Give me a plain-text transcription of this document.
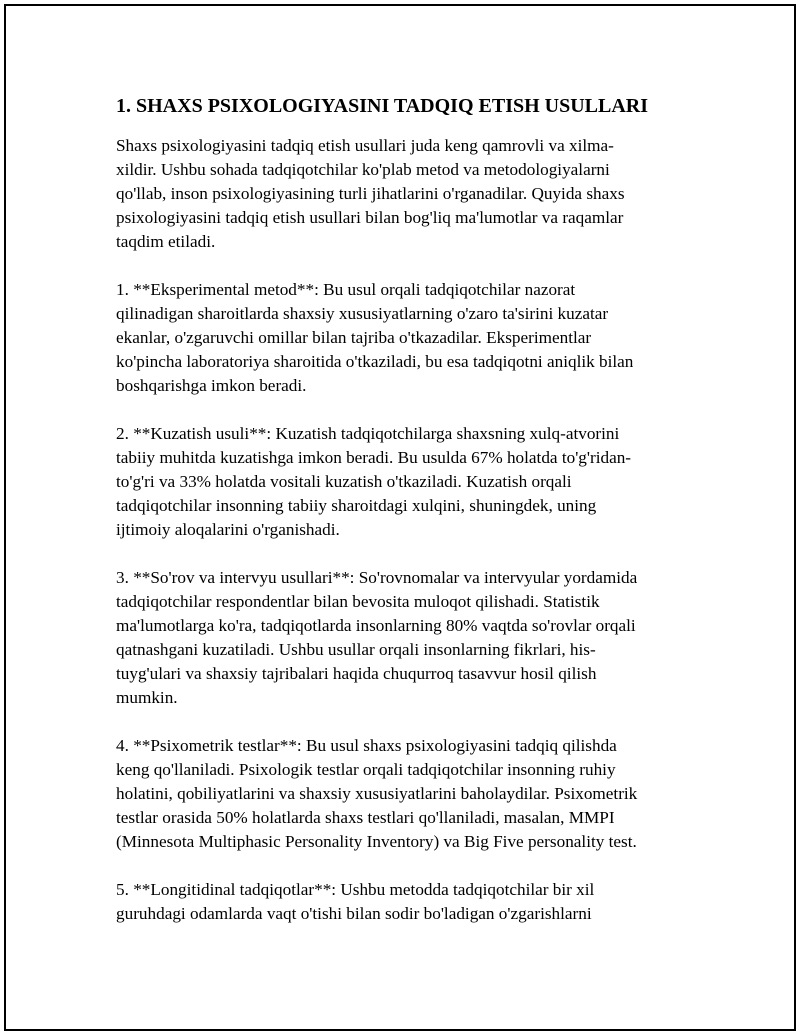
1. SHAXS PSIXOLOGIYASINI TADQIQ ETISH USULLARI

Shaxs psixologiyasini tadqiq etish usullari juda keng qamrovli va xilma-
xildir. Ushbu sohada tadqiqotchilar ko'plab metod va metodologiyalarni
qo'llab, inson psixologiyasining turli jihatlarini o'rganadilar. Quyida shaxs
psixologiyasini tadqiq etish usullari bilan bog'liq ma'lumotlar va raqamlar
taqdim etiladi.

1. **Eksperimental metod**: Bu usul orqali tadqiqotchilar nazorat
qilinadigan sharoitlarda shaxsiy xususiyatlarning o'zaro ta'sirini kuzatar
ekanlar, o'zgaruvchi omillar bilan tajriba o'tkazadilar. Eksperimentlar
ko'pincha laboratoriya sharoitida o'tkaziladi, bu esa tadqiqotni aniqlik bilan
boshqarishga imkon beradi.

2. **Kuzatish usuli**: Kuzatish tadqiqotchilarga shaxsning xulq-atvorini
tabiiy muhitda kuzatishga imkon beradi. Bu usulda 67% holatda to'g'ridan-
to'g'ri va 33% holatda vositali kuzatish o'tkaziladi. Kuzatish orqali
tadqiqotchilar insonning tabiiy sharoitdagi xulqini, shuningdek, uning
ijtimoiy aloqalarini o'rganishadi.

3. **So'rov va intervyu usullari**: So'rovnomalar va intervyular yordamida
tadqiqotchilar respondentlar bilan bevosita muloqot qilishadi. Statistik
ma'lumotlarga ko'ra, tadqiqotlarda insonlarning 80% vaqtda so'rovlar orqali
qatnashgani kuzatiladi. Ushbu usullar orqali insonlarning fikrlari, his-
tuyg'ulari va shaxsiy tajribalari haqida chuqurroq tasavvur hosil qilish
mumkin.

4. **Psixometrik testlar**: Bu usul shaxs psixologiyasini tadqiq qilishda
keng qo'llaniladi. Psixologik testlar orqali tadqiqotchilar insonning ruhiy
holatini, qobiliyatlarini va shaxsiy xususiyatlarini baholaydilar. Psixometrik
testlar orasida 50% holatlarda shaxs testlari qo'llaniladi, masalan, MMPI
(Minnesota Multiphasic Personality Inventory) va Big Five personality test.

5. **Longitidinal tadqiqotlar**: Ushbu metodda tadqiqotchilar bir xil
guruhdagi odamlarda vaqt o'tishi bilan sodir bo'ladigan o'zgarishlarni
